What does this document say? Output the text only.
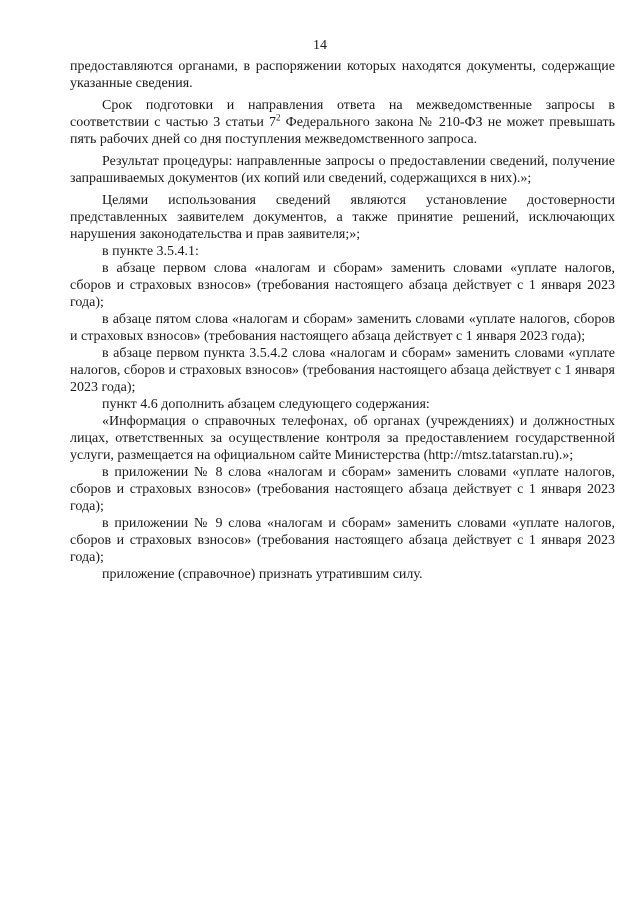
14

предоставляются органами, в распоряжении которых находятся документы, содержащие указанные сведения.

Срок подготовки и направления ответа на межведомственные запросы в соответствии с частью 3 статьи $7^2$ Федерального закона № 210-ФЗ не может превышать пять рабочих дней со дня поступления межведомственного запроса.

Результат процедуры: направленные запросы о предоставлении сведений, получение запрашиваемых документов (их копий или сведений, содержащихся в них).»;

Целями использования сведений являются установление достоверности представленных заявителем документов, а также принятие решений, исключающих нарушения законодательства и прав заявителя;»;

в пункте 3.5.4.1:

в абзаце первом слова «налогам и сборам» заменить словами «уплате налогов, сборов и страховых взносов» (требования настоящего абзаца действует с 1 января 2023 года);

в абзаце пятом слова «налогам и сборам» заменить словами «уплате налогов, сборов и страховых взносов» (требования настоящего абзаца действует с 1 января 2023 года);

в абзаце первом пункта 3.5.4.2 слова «налогам и сборам» заменить словами «уплате налогов, сборов и страховых взносов» (требования настоящего абзаца действует с 1 января 2023 года);

пункт 4.6 дополнить абзацем следующего содержания:

«Информация о справочных телефонах, об органах (учреждениях) и должностных лицах, ответственных за осуществление контроля за предоставлением государственной услуги, размещается на официальном сайте Министерства (http://mtsz.tatarstan.ru).»;

в приложении № 8 слова «налогам и сборам» заменить словами «уплате налогов, сборов и страховых взносов» (требования настоящего абзаца действует с 1 января 2023 года);

в приложении № 9 слова «налогам и сборам» заменить словами «уплате налогов, сборов и страховых взносов» (требования настоящего абзаца действует с 1 января 2023 года);

приложение (справочное) признать утратившим силу.
